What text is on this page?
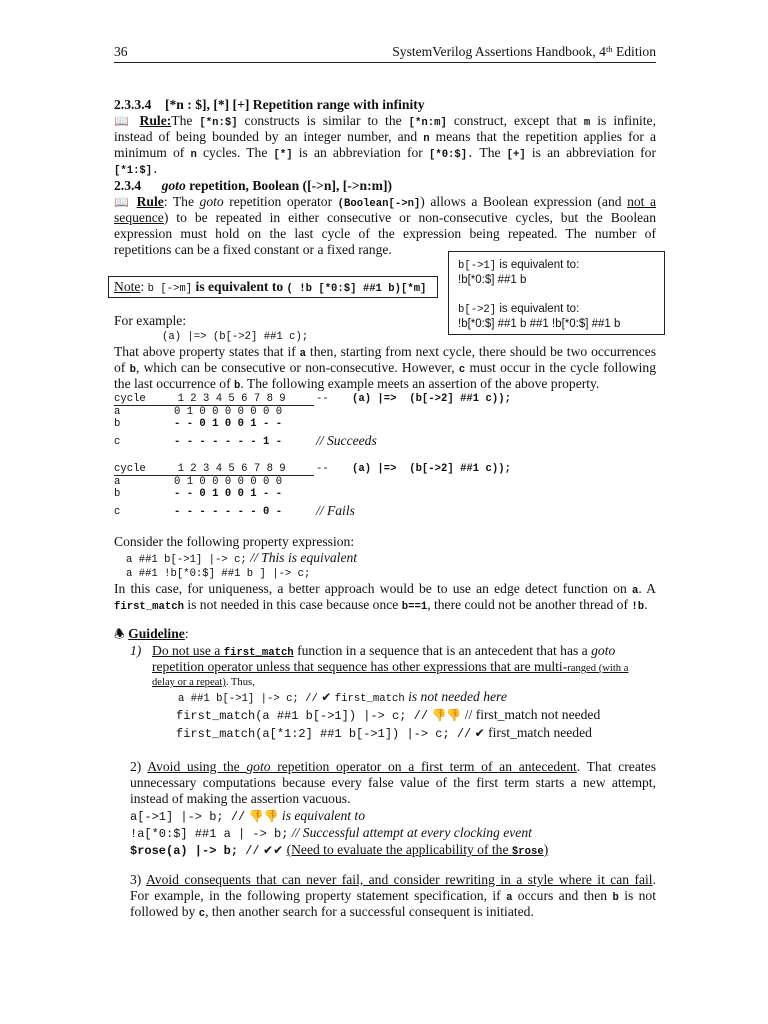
36	SystemVerilog Assertions Handbook, 4th Edition
2.3.3.4 [*n : $], [*] [+] Repetition range with infinity
📖 Rule:The [*n:$] constructs is similar to the [*n:m] construct, except that m is infinite,
instead of being bounded by an integer number, and n means that the repetition applies for a
minimum of n cycles. The [*] is an abbreviation for [*0:$]. The [+] is an abbreviation for
[*1:$].
2.3.4 goto repetition, Boolean ([->n], [->n:m])
📖 Rule: The goto repetition operator (Boolean[->n]) allows a Boolean expression (and not a
sequence) to be repeated in either consecutive or non-consecutive cycles, but the Boolean
expression must hold on the last cycle of the expression being repeated. The number of
repetitions can be a fixed constant or a fixed range.
b[->1] is equivalent to:
!b[*0:$] ##1 b
b[->2] is equivalent to:
!b[*0:$] ##1 b ##1 !b[*0:$] ##1 b
Note: b [->m] is equivalent to ( !b [*0:$] ##1 b)[*m]
For example:
(a) |=> (b[->2] ##1 c);
That above property states that if a then, starting from next cycle, there should be two occurrences
of b, which can be consecutive or non-consecutive. However, c must occur in the cycle following
the last occurrence of b. The following example meets an assertion of the above property.
cycle     1 2 3 4 5 6 7 8 9	-- (a) |=>  (b[->2] ##1 c));
a	0 1 0 0 0 0 0 0 0
b	- - 0 1 0 0 1 - -
c	- - - - - - - 1 - // Succeeds
cycle     1 2 3 4 5 6 7 8 9	-- (a) |=>  (b[->2] ##1 c));
a	0 1 0 0 0 0 0 0 0
b	- - 0 1 0 0 1 - -
c	- - - - - - - 0 - // Fails
Consider the following property expression:
a ##1 b[->1] |-> c; // This is equivalent
a ##1 !b[*0:$] ##1 b ] |-> c;
In this case, for uniqueness, a better approach would be to use an edge detect function on a. A
first_match is not needed in this case because once b==1, there could not be another thread of !b.
🕭 Guideline:
1) Do not use a first_match function in a sequence that is an antecedent that has a goto
repetition operator unless that sequence has other expressions that are multi-ranged (with a
delay or a repeat). Thus,
a ##1 b[->1] |-> c; // ✔ first_match is not needed here
first_match(a ##1 b[->1]) |-> c; // 👎👎 // first_match not needed
first_match(a[*1:2] ##1 b[->1]) |-> c; // ✔ first_match needed
2) Avoid using the goto repetition operator on a first term of an antecedent. That creates
unnecessary computations because every false value of the first term starts a new attempt,
instead of making the assertion vacuous.
a[->1] |-> b; // 👎👎 is equivalent to
!a[*0:$] ##1 a | -> b; // Successful attempt at every clocking event
$rose(a) |-> b; // ✔✔ (Need to evaluate the applicability of the $rose)
3) Avoid consequents that can never fail, and consider rewriting in a style where it can fail.
For example, in the following property statement specification, if a occurs and then b is not
followed by c, then another search for a successful consequent is initiated.
